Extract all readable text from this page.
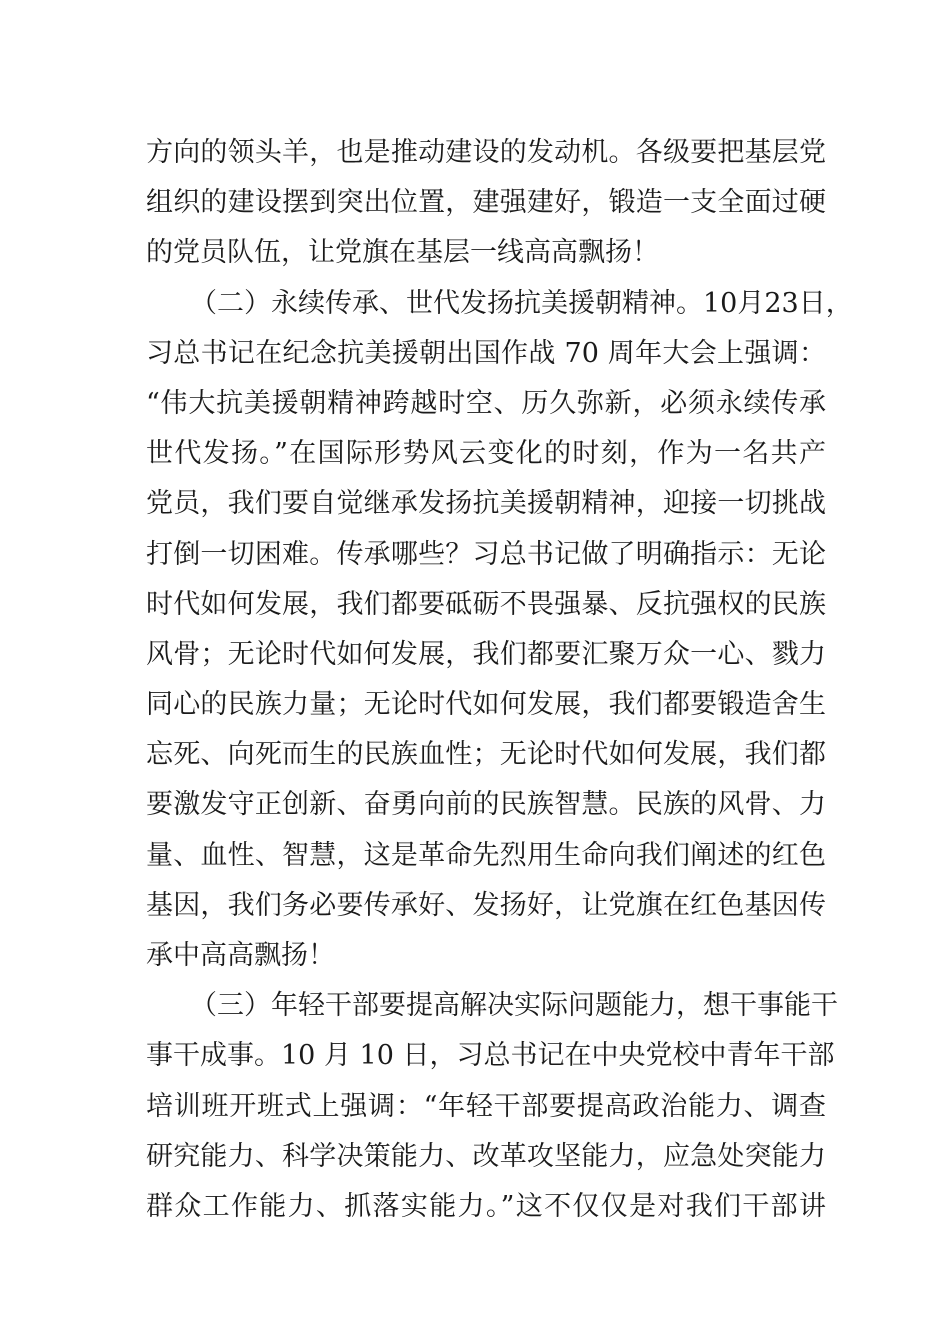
方向的领头羊，也是推动建设的发动机。各级要把基层党
组织的建设摆到突出位置，建强建好，锻造一支全面过硬
的党员队伍，让党旗在基层一线高高飘扬！
（二）永续传承、世代发扬抗美援朝精神。10月23日，
习总书记在纪念抗美援朝出国作战 70 周年大会上强调：
“伟大抗美援朝精神跨越时空、历久弥新，必须永续传承
世代发扬。”在国际形势风云变化的时刻，作为一名共产
党员，我们要自觉继承发扬抗美援朝精神，迎接一切挑战
打倒一切困难。传承哪些？习总书记做了明确指示：无论
时代如何发展，我们都要砥砺不畏强暴、反抗强权的民族
风骨；无论时代如何发展，我们都要汇聚万众一心、戮力
同心的民族力量；无论时代如何发展，我们都要锻造舍生
忘死、向死而生的民族血性；无论时代如何发展，我们都
要激发守正创新、奋勇向前的民族智慧。民族的风骨、力
量、血性、智慧，这是革命先烈用生命向我们阐述的红色
基因，我们务必要传承好、发扬好，让党旗在红色基因传
承中高高飘扬！
（三）年轻干部要提高解决实际问题能力，想干事能干
事干成事。10 月 10 日，习总书记在中央党校中青年干部
培训班开班式上强调：“年轻干部要提高政治能力、调查
研究能力、科学决策能力、改革攻坚能力，应急处突能力
群众工作能力、抓落实能力。”这不仅仅是对我们干部讲
